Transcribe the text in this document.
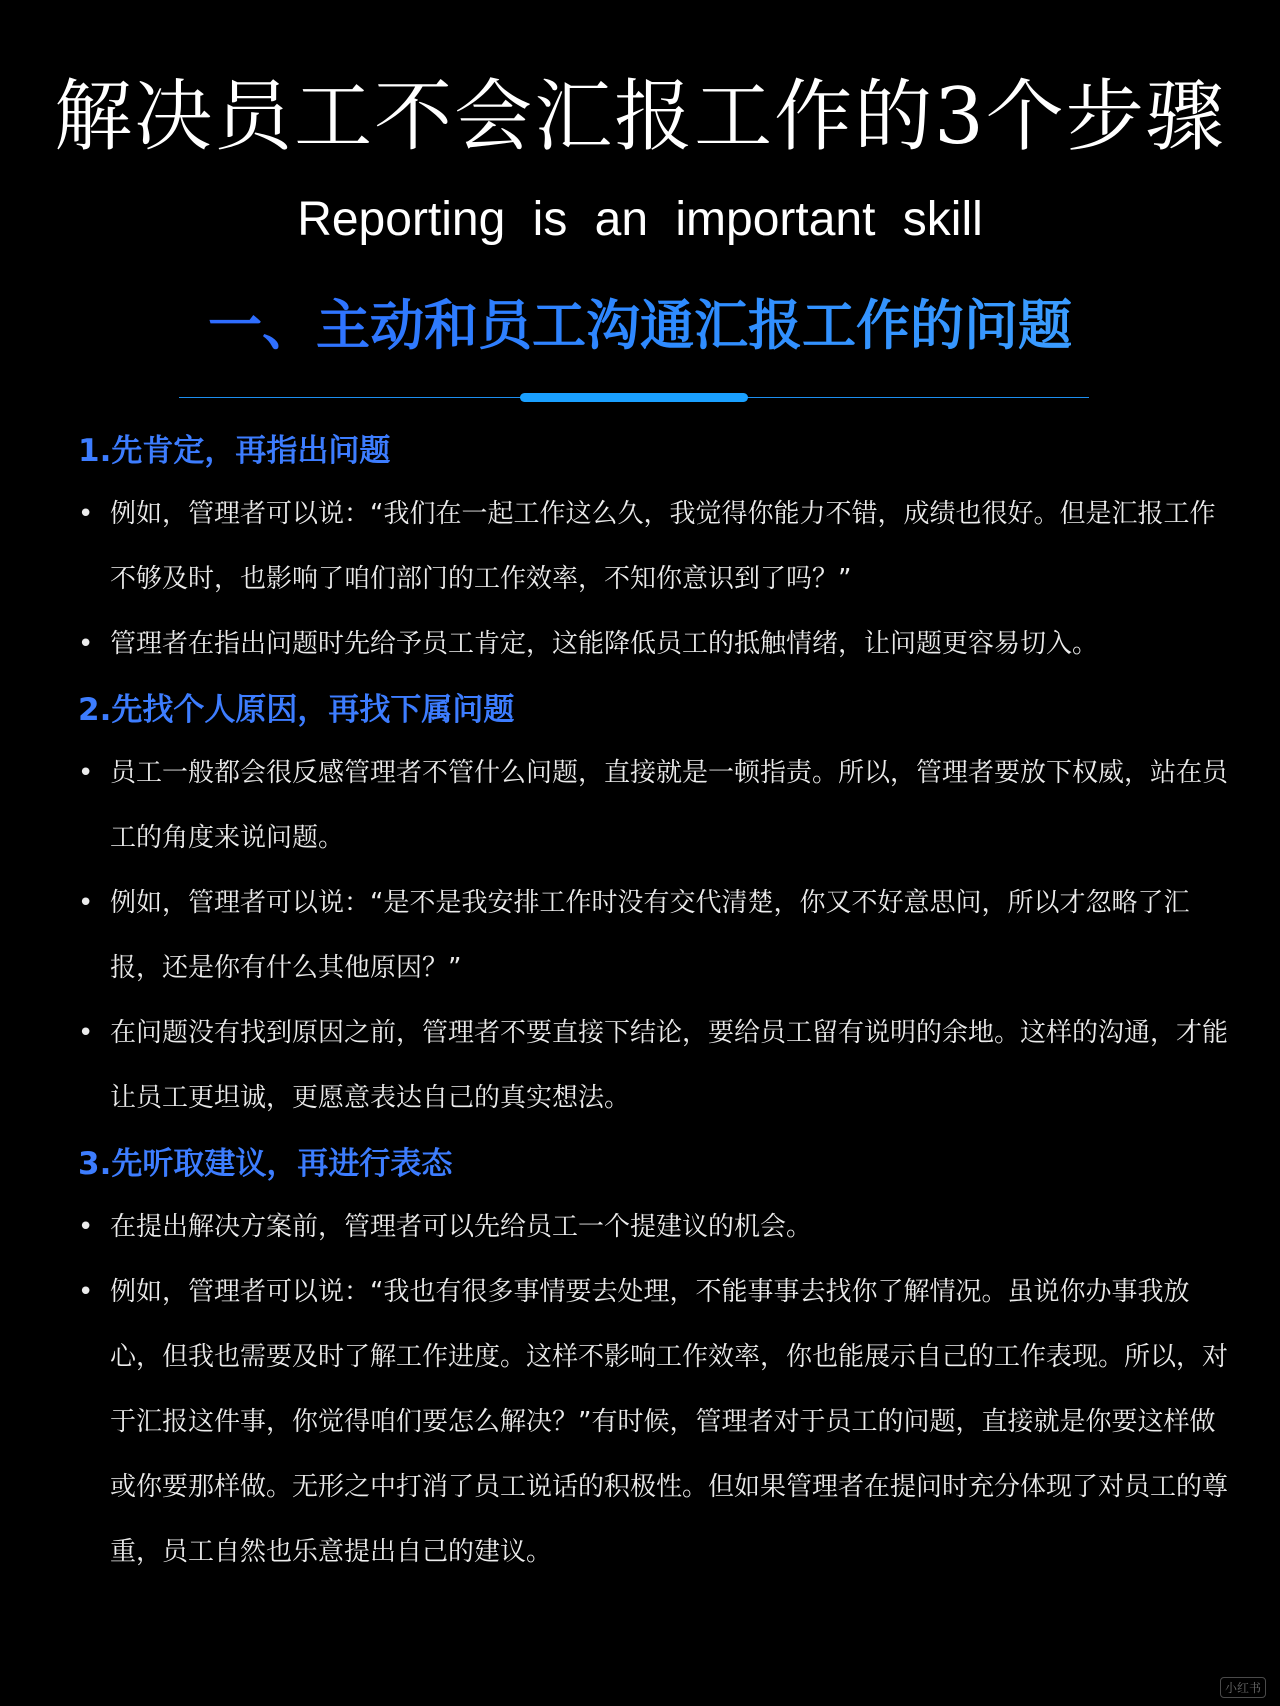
解决员工不会汇报工作的3个步骤
Reporting is an important skill
一、主动和员工沟通汇报工作的问题
1.先肯定，再指出问题
• 例如，管理者可以说：“我们在一起工作这么久，我觉得你能力不错，成绩也很好。但是汇报工作不够及时，也影响了咱们部门的工作效率，不知你意识到了吗？”
• 管理者在指出问题时先给予员工肯定，这能降低员工的抵触情绪，让问题更容易切入。
2.先找个人原因，再找下属问题
• 员工一般都会很反感管理者不管什么问题，直接就是一顿指责。所以，管理者要放下权威，站在员工的角度来说问题。
• 例如，管理者可以说：“是不是我安排工作时没有交代清楚，你又不好意思问，所以才忽略了汇报，还是你有什么其他原因？”
• 在问题没有找到原因之前，管理者不要直接下结论，要给员工留有说明的余地。这样的沟通，才能让员工更坦诚，更愿意表达自己的真实想法。
3.先听取建议，再进行表态
• 在提出解决方案前，管理者可以先给员工一个提建议的机会。
• 例如，管理者可以说：“我也有很多事情要去处理，不能事事去找你了解情况。虽说你办事我放心，但我也需要及时了解工作进度。这样不影响工作效率，你也能展示自己的工作表现。所以，对于汇报这件事，你觉得咱们要怎么解决？”有时候，管理者对于员工的问题，直接就是你要这样做或你要那样做。无形之中打消了员工说话的积极性。但如果管理者在提问时充分体现了对员工的尊重，员工自然也乐意提出自己的建议。
小红书
